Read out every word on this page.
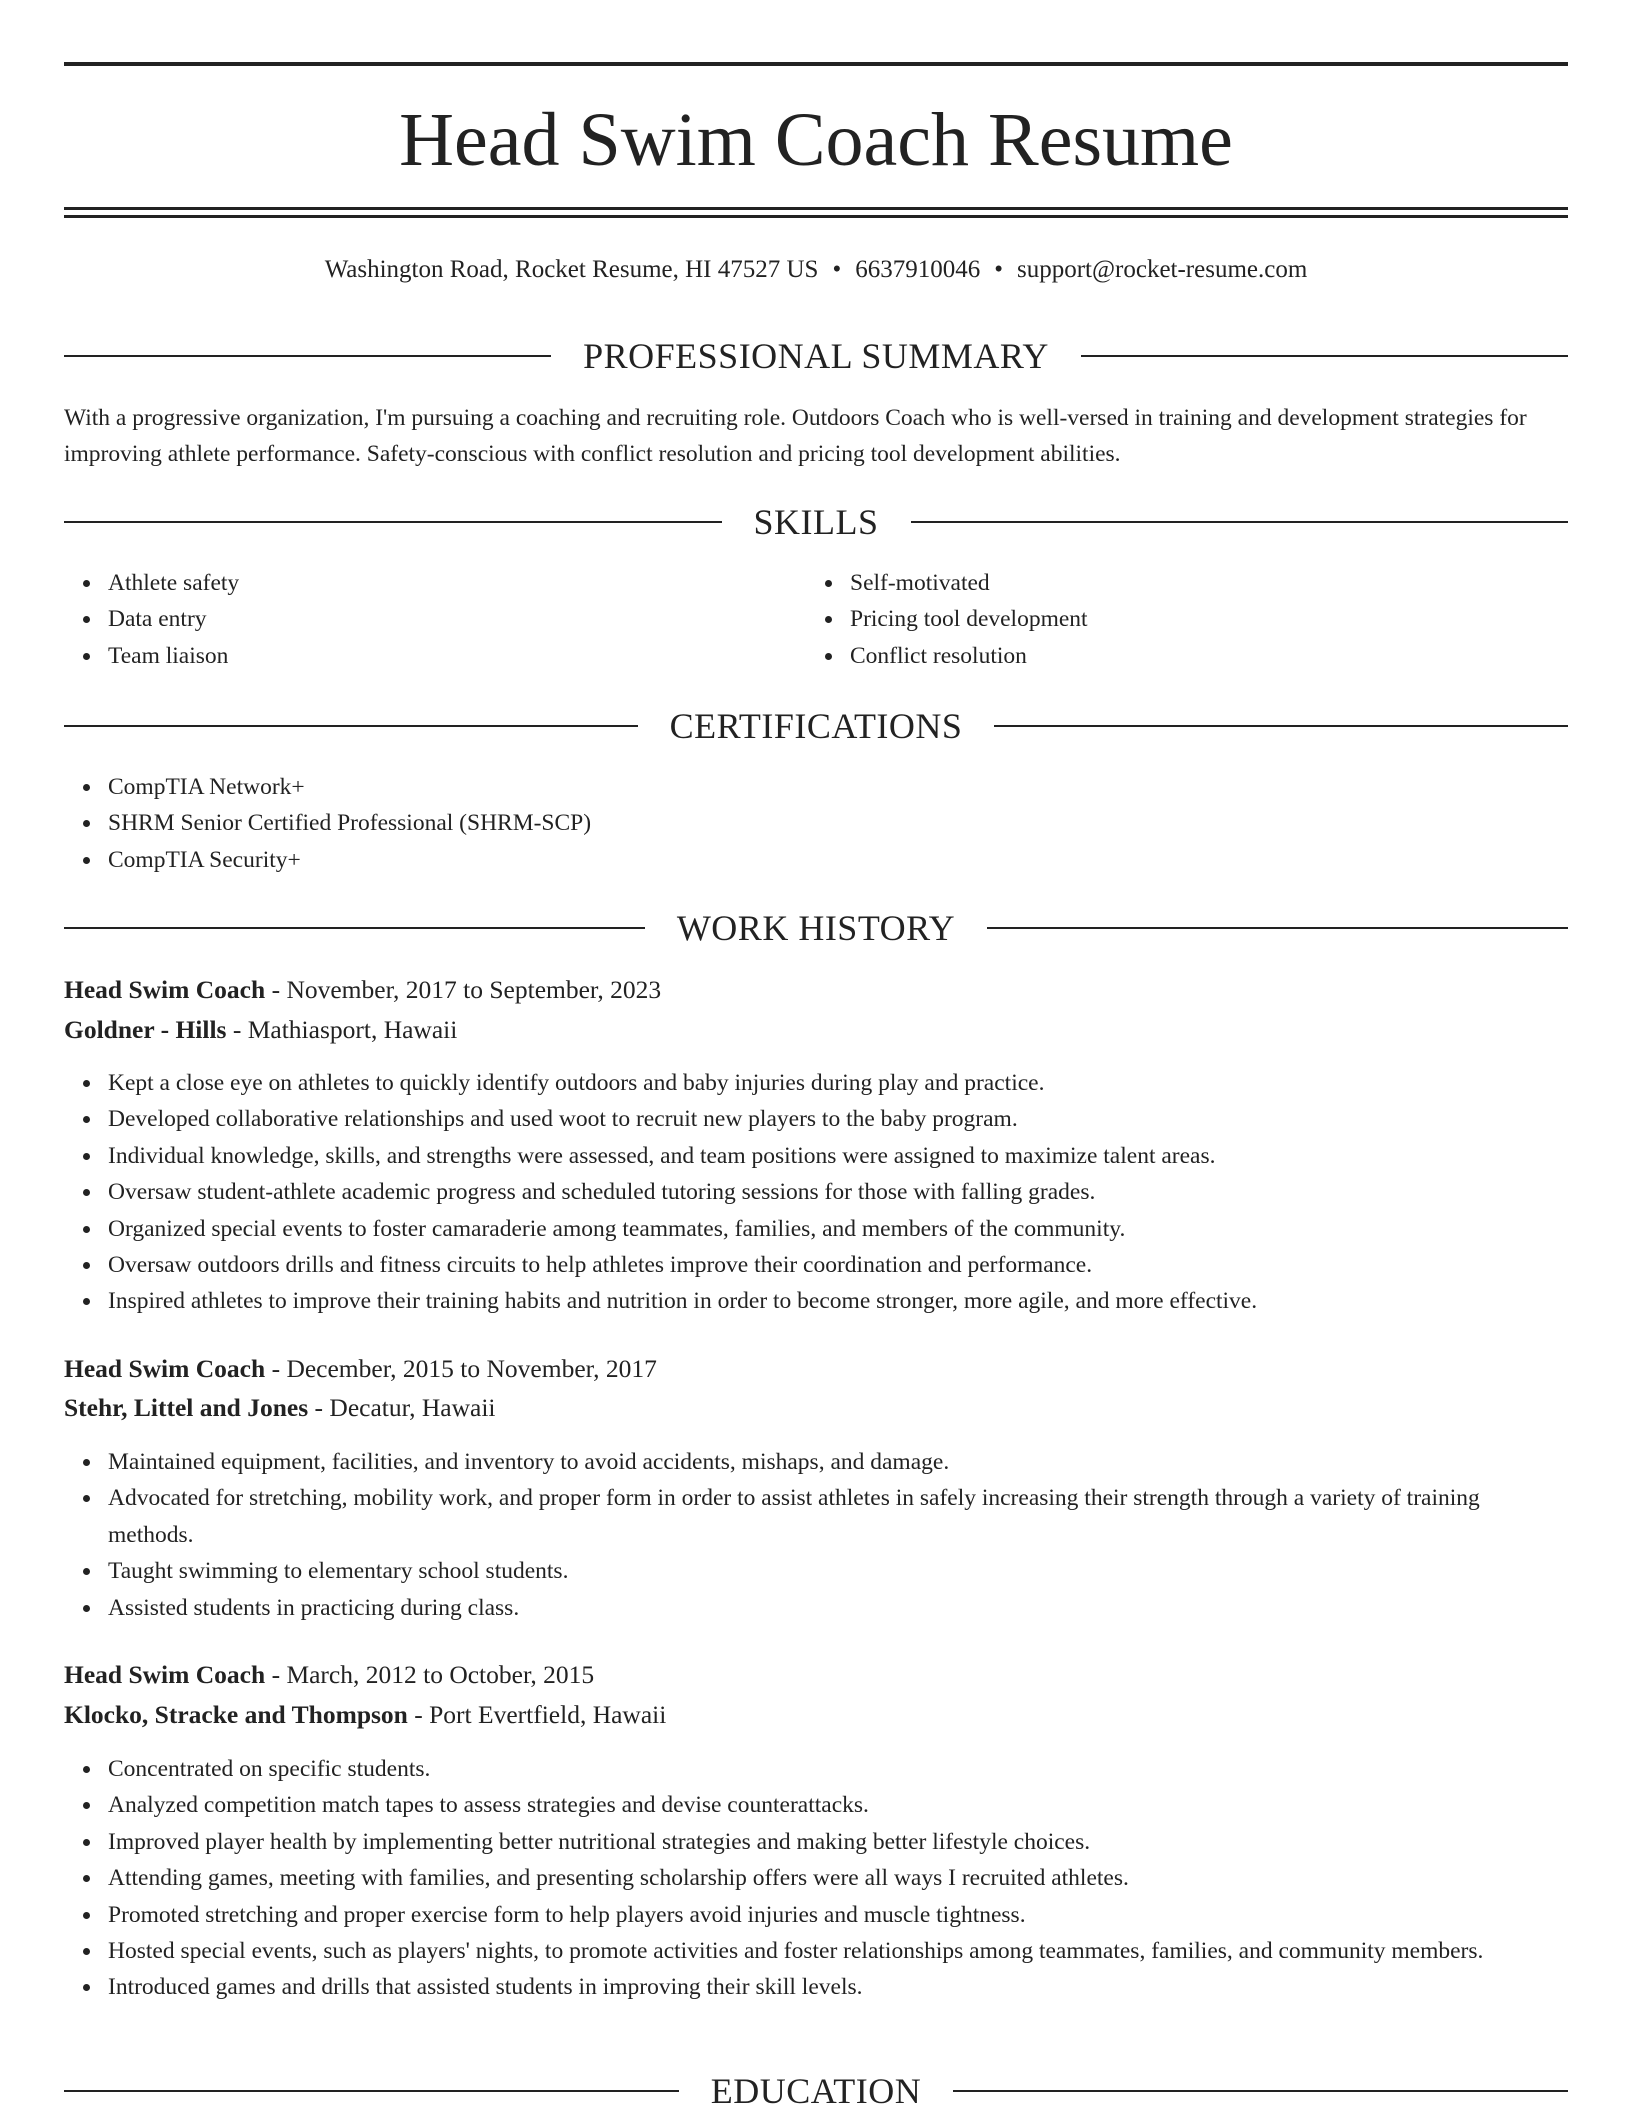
Head Swim Coach Resume
Washington Road, Rocket Resume, HI 47527 US • 6637910046 • support@rocket-resume.com
PROFESSIONAL SUMMARY

With a progressive organization, I'm pursuing a coaching and recruiting role. Outdoors Coach who is well-versed in training and development strategies for improving athlete performance. Safety-conscious with conflict resolution and pricing tool development abilities.

SKILLS
Athlete safety
Data entry
Team liaison
Self-motivated
Pricing tool development
Conflict resolution
CERTIFICATIONS
CompTIA Network+
SHRM Senior Certified Professional (SHRM-SCP)
CompTIA Security+
WORK HISTORY
Head Swim Coach - November, 2017 to September, 2023
Goldner - Hills - Mathiasport, Hawaii
Kept a close eye on athletes to quickly identify outdoors and baby injuries during play and practice.
Developed collaborative relationships and used woot to recruit new players to the baby program.
Individual knowledge, skills, and strengths were assessed, and team positions were assigned to maximize talent areas.
Oversaw student-athlete academic progress and scheduled tutoring sessions for those with falling grades.
Organized special events to foster camaraderie among teammates, families, and members of the community.
Oversaw outdoors drills and fitness circuits to help athletes improve their coordination and performance.
Inspired athletes to improve their training habits and nutrition in order to become stronger, more agile, and more effective.
Head Swim Coach - December, 2015 to November, 2017
Stehr, Littel and Jones - Decatur, Hawaii
Maintained equipment, facilities, and inventory to avoid accidents, mishaps, and damage.
Advocated for stretching, mobility work, and proper form in order to assist athletes in safely increasing their strength through a variety of training methods.
Taught swimming to elementary school students.
Assisted students in practicing during class.
Head Swim Coach - March, 2012 to October, 2015
Klocko, Stracke and Thompson - Port Evertfield, Hawaii
Concentrated on specific students.
Analyzed competition match tapes to assess strategies and devise counterattacks.
Improved player health by implementing better nutritional strategies and making better lifestyle choices.
Attending games, meeting with families, and presenting scholarship offers were all ways I recruited athletes.
Promoted stretching and proper exercise form to help players avoid injuries and muscle tightness.
Hosted special events, such as players' nights, to promote activities and foster relationships among teammates, families, and community members.
Introduced games and drills that assisted students in improving their skill levels.
EDUCATION
